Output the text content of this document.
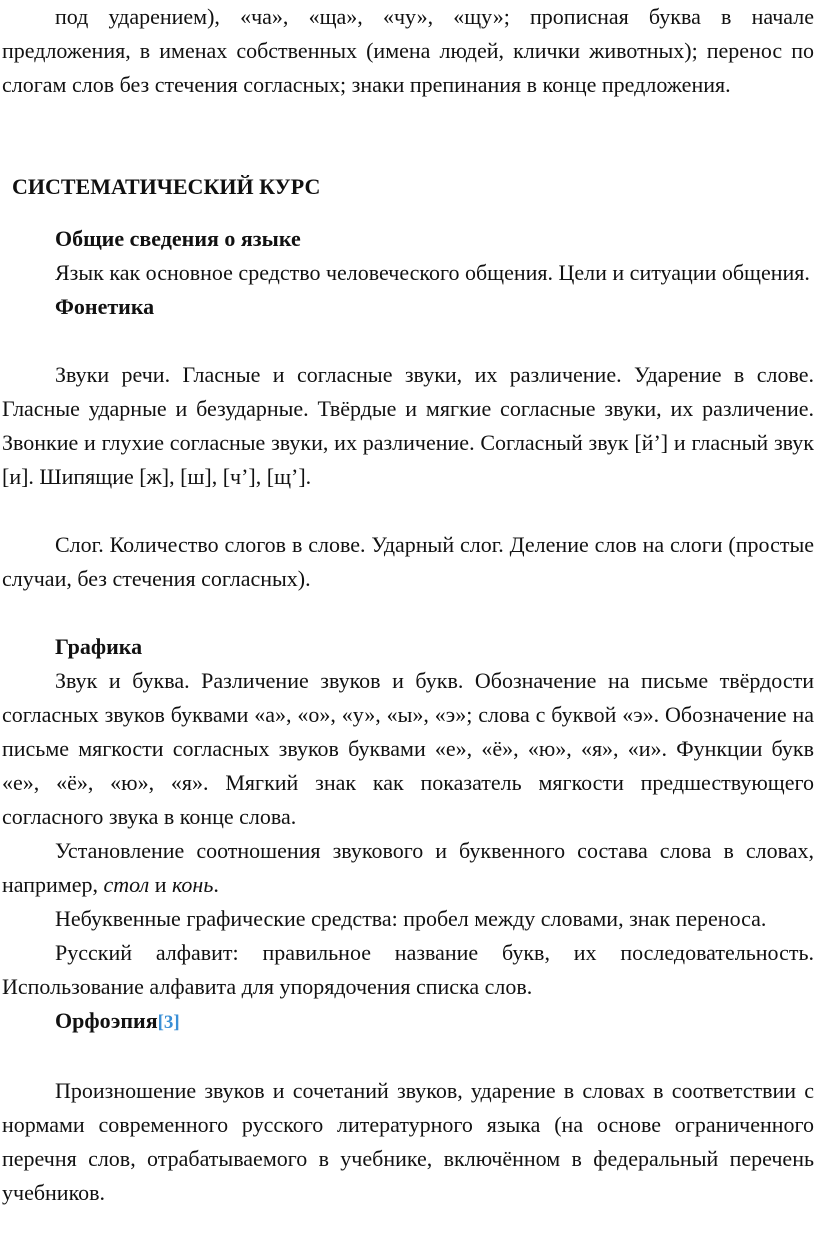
под ударением), «ча», «ща», «чу», «щу»; прописная буква в начале предложения, в именах собственных (имена людей, клички животных); перенос по слогам слов без стечения согласных; знаки препинания в конце предложения.

СИСТЕМАТИЧЕСКИЙ КУРС

Общие сведения о языке

Язык как основное средство человеческого общения. Цели и ситуации общения.

Фонетика

Звуки речи. Гласные и согласные звуки, их различение. Ударение в слове. Гласные ударные и безударные. Твёрдые и мягкие согласные звуки, их различение. Звонкие и глухие согласные звуки, их различение. Согласный звук [й’] и гласный звук [и]. Шипящие [ж], [ш], [ч’], [щ’].

Слог. Количество слогов в слове. Ударный слог. Деление слов на слоги (простые случаи, без стечения согласных).

Графика

Звук и буква. Различение звуков и букв. Обозначение на письме твёрдости согласных звуков буквами «а», «о», «у», «ы», «э»; слова с буквой «э». Обозначение на письме мягкости согласных звуков буквами «е», «ё», «ю», «я», «и». Функции букв «е», «ё», «ю», «я». Мягкий знак как показатель мягкости предшествующего согласного звука в конце слова.

Установление соотношения звукового и буквенного состава слова в словах, например, стол и конь.

Небуквенные графические средства: пробел между словами, знак переноса.

Русский алфавит: правильное название букв, их последовательность. Использование алфавита для упорядочения списка слов.

Орфоэпия[3]

Произношение звуков и сочетаний звуков, ударение в словах в соответствии с нормами современного русского литературного языка (на основе ограниченного перечня слов, отрабатываемого в учебнике, включённом в федеральный перечень учебников.
